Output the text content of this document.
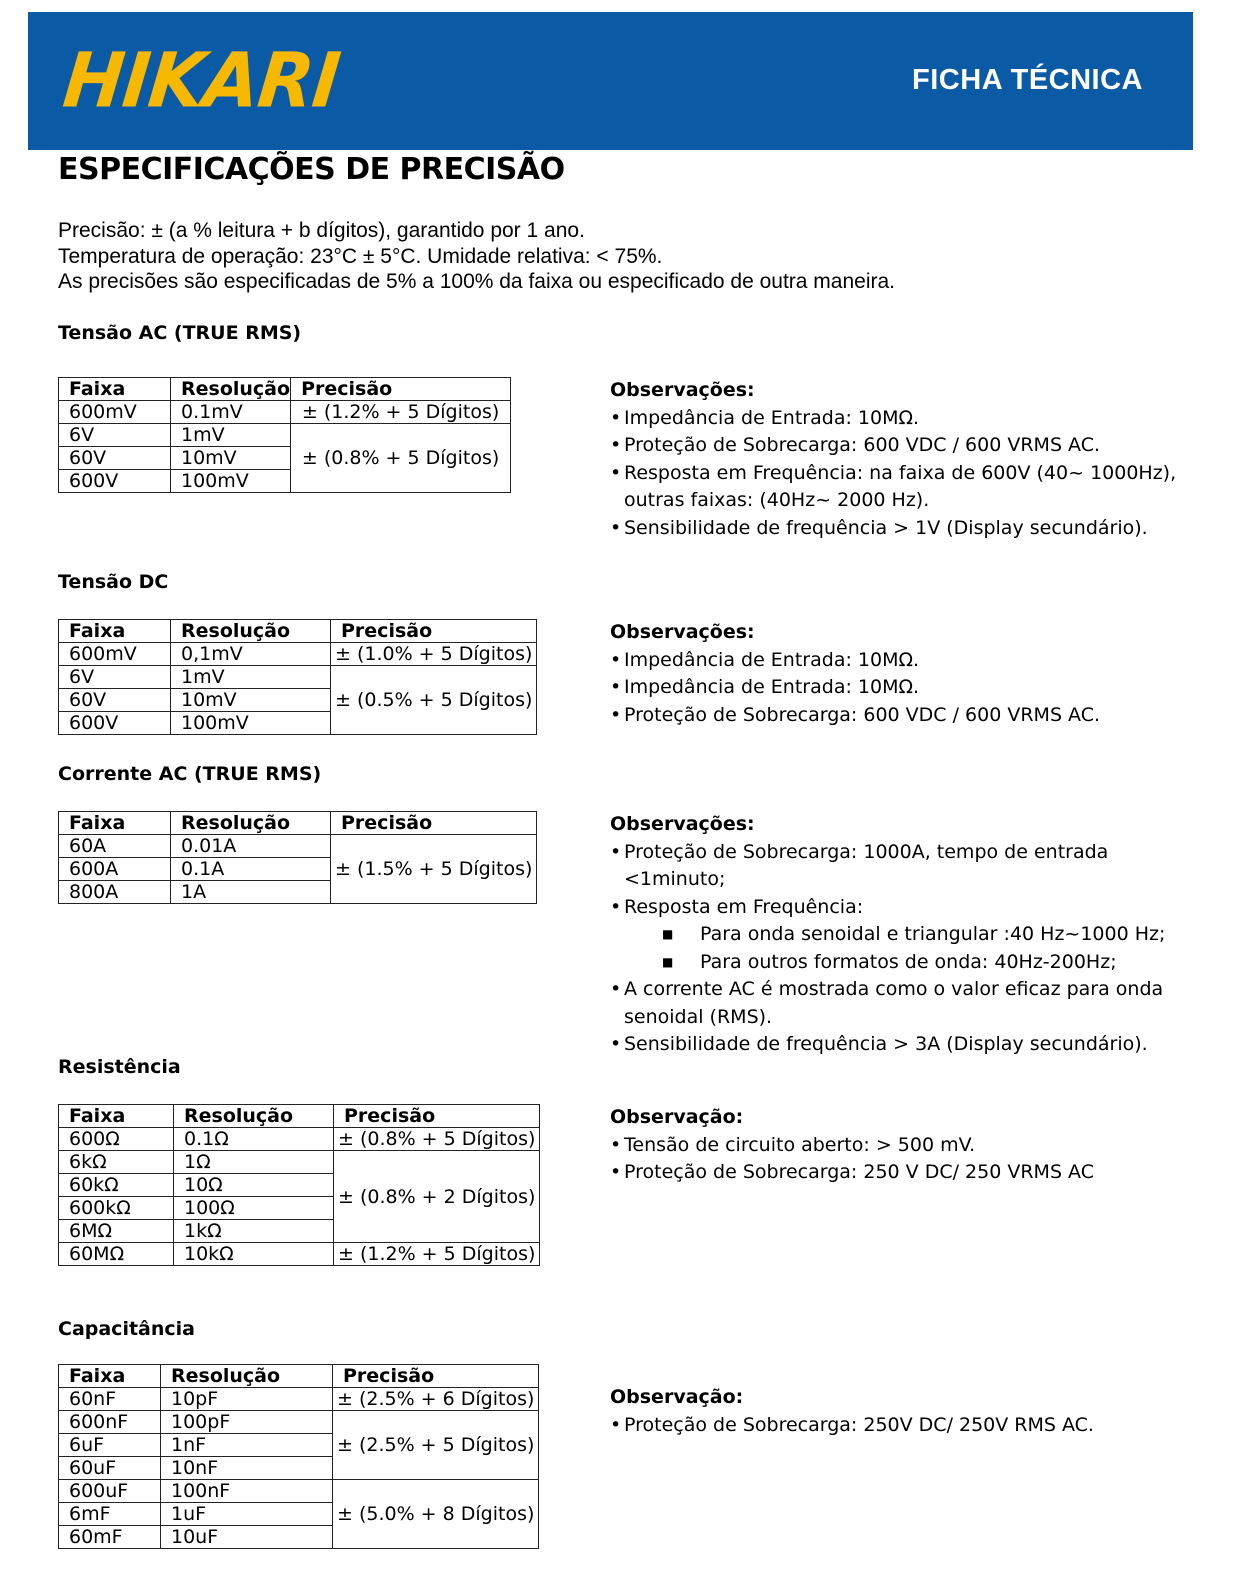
HIKARI	FICHA TÉCNICA
ESPECIFICAÇÕES DE PRECISÃO
Precisão: ± (a % leitura + b dígitos), garantido por 1 ano.
Temperatura de operação: 23°C ± 5°C. Umidade relativa: < 75%.
As precisões são especificadas de 5% a 100% da faixa ou especificado de outra maneira.
Tensão AC (TRUE RMS)
Faixa	Resolução	Precisão
600mV	0.1mV	± (1.2% + 5 Dígitos)
6V	1mV	± (0.8% + 5 Dígitos)
60V	10mV	
600V	100mV	
Observações:
• Impedância de Entrada: 10MΩ.
• Proteção de Sobrecarga: 600 VDC / 600 VRMS AC.
• Resposta em Frequência: na faixa de 600V (40~ 1000Hz),
outras faixas: (40Hz~ 2000 Hz).
• Sensibilidade de frequência > 1V (Display secundário).
Tensão DC
Faixa	Resolução	Precisão
600mV	0,1mV	± (1.0% + 5 Dígitos)
6V	1mV	± (0.5% + 5 Dígitos)
60V	10mV	
600V	100mV	
Observações:
• Impedância de Entrada: 10MΩ.
• Impedância de Entrada: 10MΩ.
• Proteção de Sobrecarga: 600 VDC / 600 VRMS AC.
Corrente AC (TRUE RMS)
Faixa	Resolução	Precisão
60A	0.01A	± (1.5% + 5 Dígitos)
600A	0.1A	
800A	1A	
Observações:
• Proteção de Sobrecarga: 1000A, tempo de entrada
<1minuto;
• Resposta em Frequência:
■ Para onda senoidal e triangular :40 Hz~1000 Hz;
■ Para outros formatos de onda: 40Hz-200Hz;
• A corrente AC é mostrada como o valor eficaz para onda
senoidal (RMS).
• Sensibilidade de frequência > 3A (Display secundário).
Resistência
Faixa	Resolução	Precisão
600Ω	0.1Ω	± (0.8% + 5 Dígitos)
6kΩ	1Ω	± (0.8% + 2 Dígitos)
60kΩ	10Ω	
600kΩ	100Ω	
6MΩ	1kΩ	
60MΩ	10kΩ	± (1.2% + 5 Dígitos)
Observação:
• Tensão de circuito aberto: > 500 mV.
• Proteção de Sobrecarga: 250 V DC/ 250 VRMS AC
Capacitância
Faixa	Resolução	Precisão
60nF	10pF	± (2.5% + 6 Dígitos)
600nF	100pF	± (2.5% + 5 Dígitos)
6uF	1nF	
60uF	10nF	
600uF	100nF	± (5.0% + 8 Dígitos)
6mF	1uF	
60mF	10uF	
Observação:
• Proteção de Sobrecarga: 250V DC/ 250V RMS AC.
